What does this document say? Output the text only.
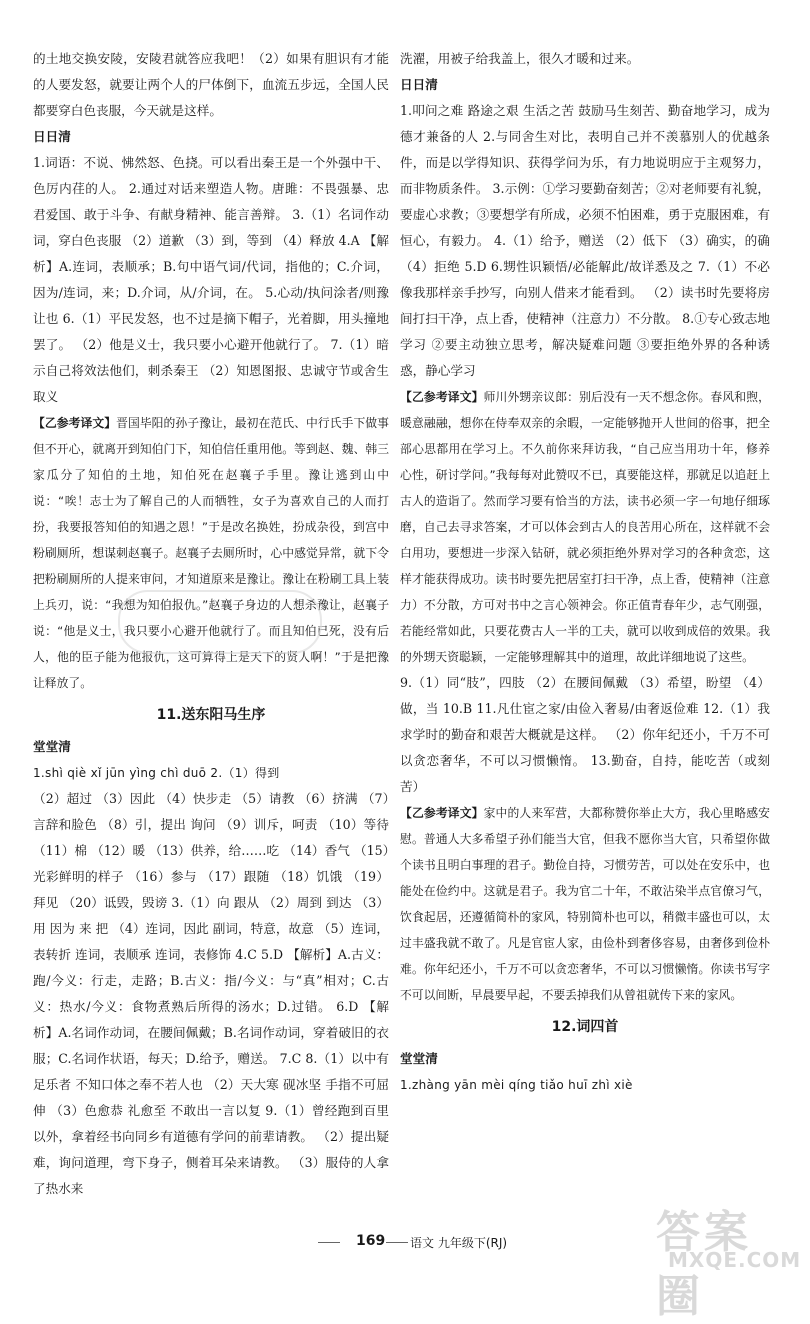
的土地交换安陵，安陵君就答应我吧！（2）如果有胆识有才能的人要发怒，就要让两个人的尸体倒下，血流五步远，全国人民都要穿白色丧服，今天就是这样。

日日清

1.词语：不说、怫然怒、色挠。可以看出秦王是一个外强中干、色厉内荏的人。 2.通过对话来塑造人物。唐雎：不畏强暴、忠君爱国、敢于斗争、有献身精神、能言善辩。 3.（1）名词作动词，穿白色丧服 （2）道歉 （3）到，等到 （4）释放 4.A 【解析】A.连词，表顺承；B.句中语气词/代词，指他的；C.介词，因为/连词，来；D.介词，从/介词，在。 5.心动/执问涂者/则豫让也 6.（1）平民发怒，也不过是摘下帽子，光着脚，用头撞地罢了。 （2）他是义士，我只要小心避开他就行了。 7.（1）暗示自己将效法他们，刺杀秦王 （2）知恩图报、忠诚守节或舍生取义

【乙参考译文】晋国毕阳的孙子豫让，最初在范氏、中行氏手下做事但不开心，就离开到知伯门下，知伯信任重用他。等到赵、魏、韩三家瓜分了知伯的土地，知伯死在赵襄子手里。豫让逃到山中说：“唉！志士为了解自己的人而牺牲，女子为喜欢自己的人而打扮，我要报答知伯的知遇之恩！”于是改名换姓，扮成杂役，到宫中粉刷厕所，想谋刺赵襄子。赵襄子去厕所时，心中感觉异常，就下令把粉刷厕所的人提来审问，才知道原来是豫让。豫让在粉刷工具上装上兵刃，说：“我想为知伯报仇。”赵襄子身边的人想杀豫让，赵襄子说：“他是义士，我只要小心避开他就行了。而且知伯已死，没有后人，他的臣子能为他报仇，这可算得上是天下的贤人啊！”于是把豫让释放了。

11.送东阳马生序

堂堂清

1.shì qiè xǐ jūn yìng chì duō 2.（1）得到

（2）超过 （3）因此 （4）快步走 （5）请教 （6）挤满 （7）言辞和脸色 （8）引，提出 询问 （9）训斥，呵责 （10）等待 （11）棉 （12）暖 （13）供养，给……吃 （14）香气 （15）光彩鲜明的样子 （16）参与 （17）跟随 （18）饥饿 （19）拜见 （20）诋毁，毁谤 3.（1）向 跟从 （2）周到 到达 （3）用 因为 来 把 （4）连词，因此 副词，特意，故意 （5）连词，表转折 连词，表顺承 连词，表修饰 4.C 5.D 【解析】A.古义：跑/今义：行走，走路；B.古义：指/今义：与“真”相对；C.古义：热水/今义：食物煮熟后所得的汤水；D.过错。 6.D 【解析】A.名词作动词，在腰间佩戴；B.名词作动词，穿着破旧的衣服；C.名词作状语，每天；D.给予，赠送。 7.C 8.（1）以中有足乐者 不知口体之奉不若人也 （2）天大寒 砚冰坚 手指不可屈伸 （3）色愈恭 礼愈至 不敢出一言以复 9.（1）曾经跑到百里以外，拿着经书向同乡有道德有学问的前辈请教。 （2）提出疑难，询问道理，弯下身子，侧着耳朵来请教。 （3）服侍的人拿了热水来

洗濯，用被子给我盖上，很久才暖和过来。

日日清

1.叩问之难 路途之艰 生活之苦 鼓励马生刻苦、勤奋地学习，成为德才兼备的人 2.与同舍生对比，表明自己并不羡慕别人的优越条件，而是以学得知识、获得学问为乐，有力地说明应于主观努力，而非物质条件。 3.示例：①学习要勤奋刻苦；②对老师要有礼貌，要虚心求教；③要想学有所成，必须不怕困难，勇于克服困难，有恒心，有毅力。 4.（1）给予，赠送 （2）低下 （3）确实，的确 （4）拒绝 5.D 6.甥性识颖悟/必能解此/故详悉及之 7.（1）不必像我那样亲手抄写，向别人借来才能看到。 （2）读书时先要将房间打扫干净，点上香，使精神（注意力）不分散。 8.①专心致志地学习 ②要主动独立思考，解决疑难问题 ③要拒绝外界的各种诱惑，静心学习

【乙参考译文】师川外甥亲议郎：别后没有一天不想念你。春风和煦，暖意融融，想你在侍奉双亲的余暇，一定能够抛开人世间的俗事，把全部心思都用在学习上。不久前你来拜访我，“自己应当用功十年，修养心性，研讨学问。”我每每对此赞叹不已，真要能这样，那就足以追赶上古人的造诣了。然而学习要有恰当的方法，读书必须一字一句地仔细琢磨，自己去寻求答案，才可以体会到古人的良苦用心所在，这样就不会白用功，要想进一步深入钻研，就必须拒绝外界对学习的各种贪恋，这样才能获得成功。读书时要先把居室打扫干净，点上香，使精神（注意力）不分散，方可对书中之言心领神会。你正值青春年少，志气刚强，若能经常如此，只要花费古人一半的工夫，就可以收到成倍的效果。我的外甥天资聪颖，一定能够理解其中的道理，故此详细地说了这些。

9.（1）同“肢”，四肢 （2）在腰间佩戴 （3）希望，盼望 （4）做，当 10.B 11.凡仕宦之家/由俭入奢易/由奢返俭难 12.（1）我求学时的勤奋和艰苦大概就是这样。 （2）你年纪还小，千万不可以贪恋奢华，不可以习惯懒惰。 13.勤奋，自持，能吃苦（或刻苦）

【乙参考译文】家中的人来军营，大都称赞你举止大方，我心里略感安慰。普通人大多希望子孙们能当大官，但我不愿你当大官，只希望你做个读书且明白事理的君子。勤俭自持，习惯劳苦，可以处在安乐中，也能处在俭约中。这就是君子。我为官二十年，不敢沾染半点官僚习气，饮食起居，还遵循简朴的家风，特别简朴也可以，稍微丰盛也可以，太过丰盛我就不敢了。凡是官宦人家，由俭朴到奢侈容易，由奢侈到俭朴难。你年纪还小，千万不可以贪恋奢华，不可以习惯懒惰。你读书写字不可以间断，早晨要早起，不要丢掉我们从曾祖就传下来的家风。

12.词四首

堂堂清

1.zhàng yān mèi qíng tiǎo huī zhì xiè

169 语文 九年级下(RJ)	答案圈
MXQE.COM
